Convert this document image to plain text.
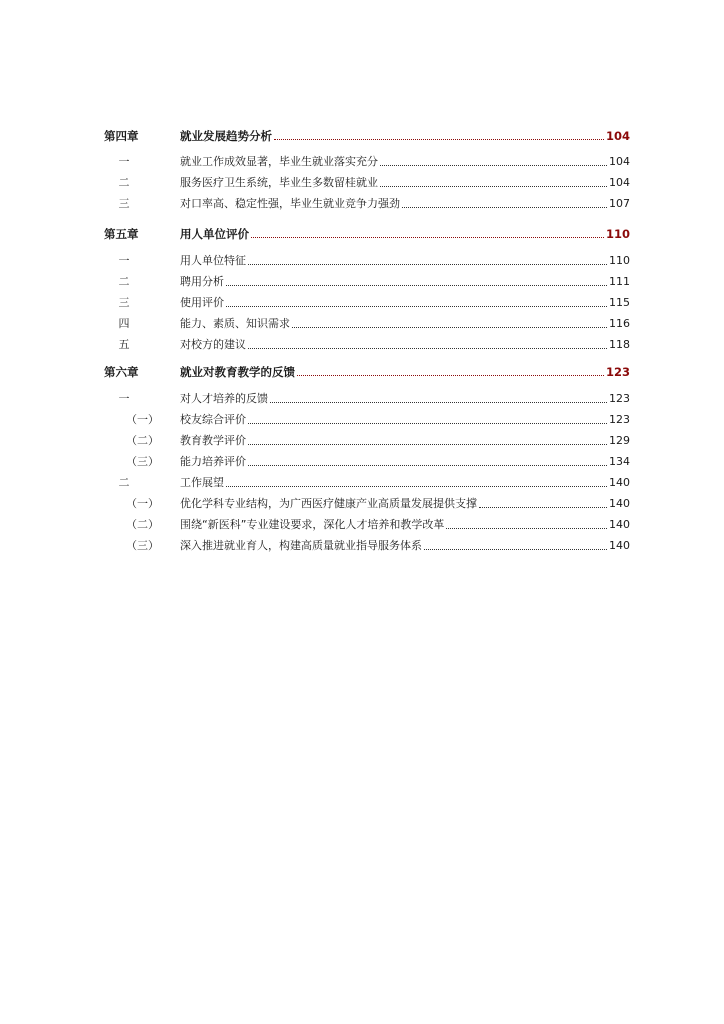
第四章	就业发展趋势分析	104
一	就业工作成效显著，毕业生就业落实充分	104
二	服务医疗卫生系统，毕业生多数留桂就业	104
三	对口率高、稳定性强，毕业生就业竞争力强劲	107
第五章	用人单位评价	110
一	用人单位特征	110
二	聘用分析	111
三	使用评价	115
四	能力、素质、知识需求	116
五	对校方的建议	118
第六章	就业对教育教学的反馈	123
一	对人才培养的反馈	123
（一）	校友综合评价	123
（二）	教育教学评价	129
（三）	能力培养评价	134
二	工作展望	140
（一）	优化学科专业结构，为广西医疗健康产业高质量发展提供支撑	140
（二）	围绕“新医科”专业建设要求，深化人才培养和教学改革	140
（三）	深入推进就业育人，构建高质量就业指导服务体系	140
